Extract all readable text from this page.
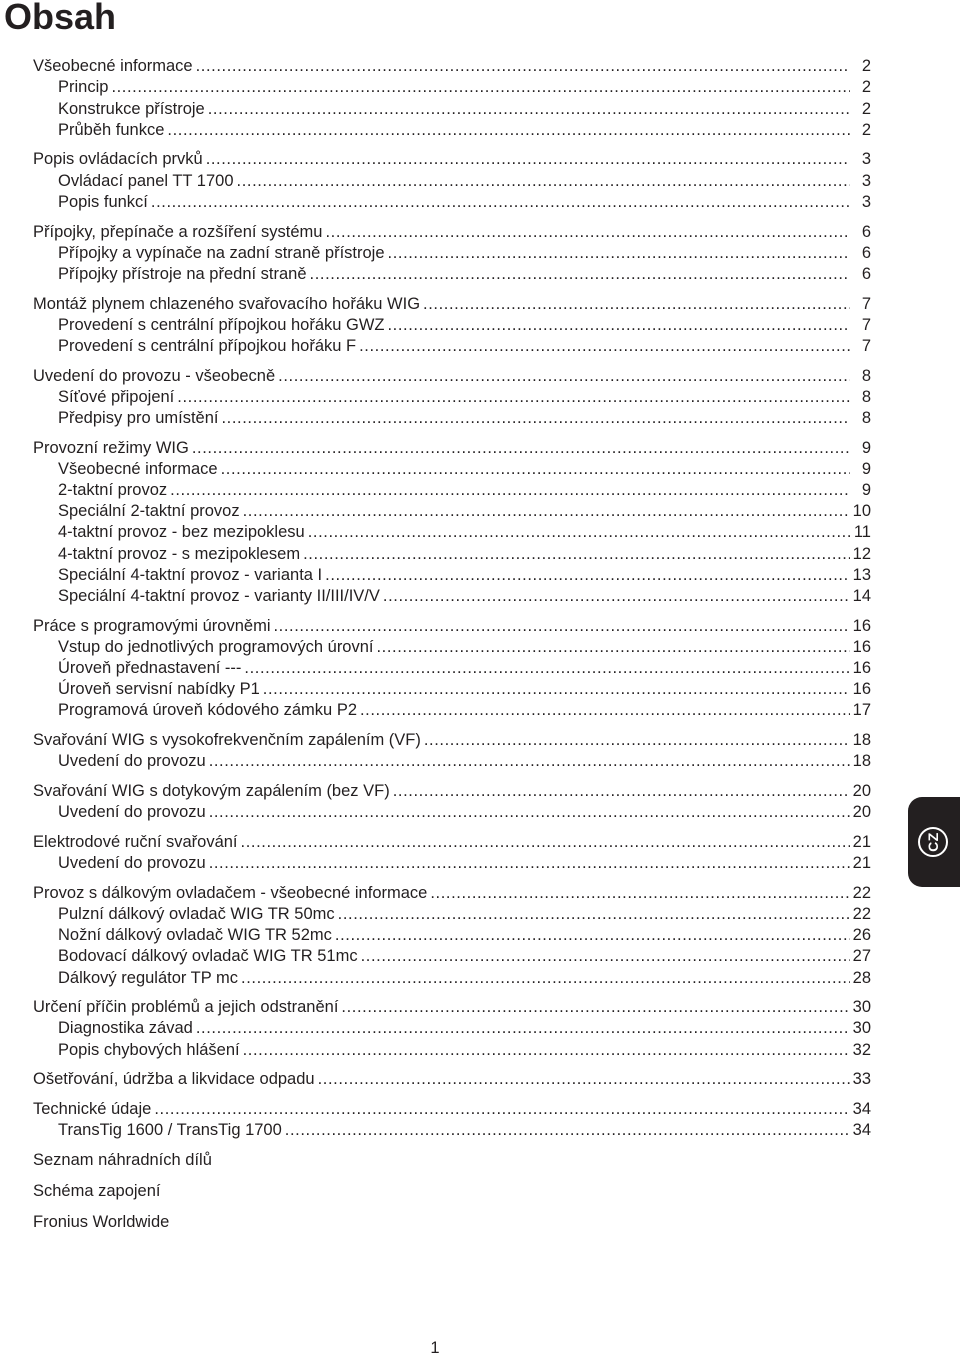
Obsah
Všeobecné informace .....	2
Princip .....	2
Konstrukce přístroje .....	2
Průběh funkce .....	2
Popis ovládacích prvků .....	3
Ovládací panel TT 1700 .....	3
Popis funkcí .....	3
Přípojky, přepínače a rozšíření systému .....	6
Přípojky a vypínače na zadní straně přístroje .....	6
Přípojky přístroje na přední straně .....	6
Montáž plynem chlazeného svařovacího hořáku WIG .....	7
Provedení s centrální přípojkou hořáku GWZ .....	7
Provedení s centrální přípojkou hořáku F .....	7
Uvedení do provozu - všeobecně .....	8
Síťové připojení .....	8
Předpisy pro umístění .....	8
Provozní režimy WIG .....	9
Všeobecné informace .....	9
2-taktní provoz .....	9
Speciální 2-taktní provoz .....	10
4-taktní provoz - bez mezipoklesu .....	11
4-taktní provoz - s mezipoklesem .....	12
Speciální 4-taktní provoz - varianta I .....	13
Speciální 4-taktní provoz - varianty II/III/IV/V .....	14
Práce s programovými úrovněmi .....	16
Vstup do jednotlivých programových úrovní .....	16
Úroveň přednastavení --- .....	16
Úroveň servisní nabídky P1 .....	16
Programová úroveň kódového zámku P2 .....	17
Svařování WIG s vysokofrekvenčním zapálením (VF) .....	18
Uvedení do provozu .....	18
Svařování WIG s dotykovým zapálením (bez VF) .....	20
Uvedení do provozu .....	20
Elektrodové ruční svařování .....	21
Uvedení do provozu .....	21
Provoz s dálkovým ovladačem - všeobecné informace .....	22
Pulzní dálkový ovladač WIG TR 50mc .....	22
Nožní dálkový ovladač WIG TR 52mc .....	26
Bodovací dálkový ovladač WIG TR 51mc .....	27
Dálkový regulátor TP mc .....	28
Určení příčin problémů a jejich odstranění .....	30
Diagnostika závad .....	30
Popis chybových hlášení .....	32
Ošetřování, údržba a likvidace odpadu .....	33
Technické údaje .....	34
TransTig 1600 / TransTig 1700 .....	34
Seznam náhradních dílů
Schéma zapojení
Fronius Worldwide
CZ
1
